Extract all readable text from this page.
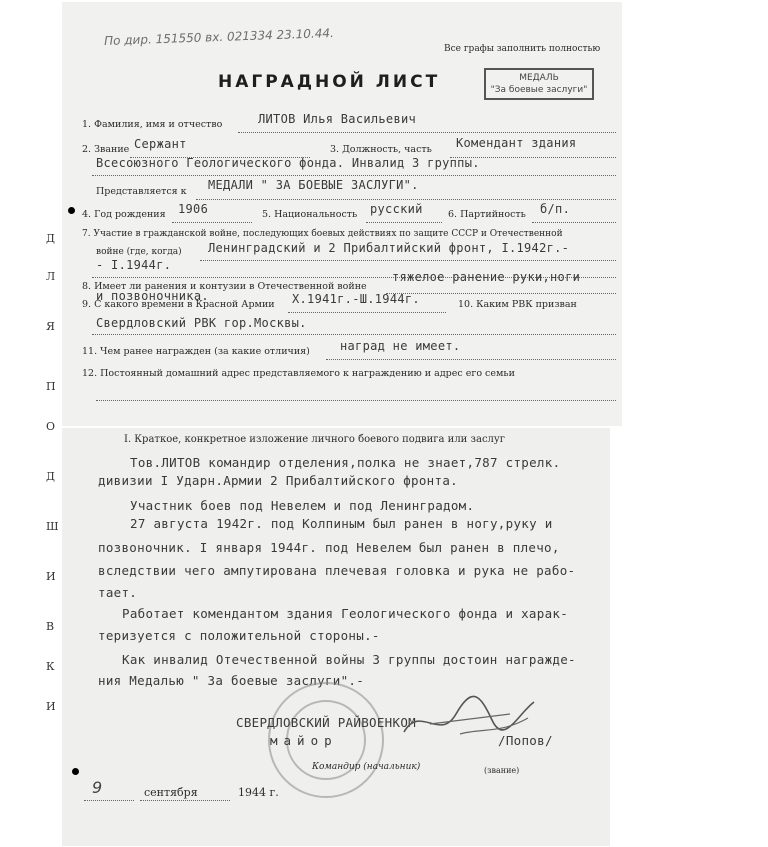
Д
Л
Я
П
О
Д
Ш
И
В
К
И
По дир. 151550 вх. 021334 23.10.44.
Все графы заполнить полностью
НАГРАДНОЙ ЛИСТ	МЕДАЛЬ
"За боевые заслуги"
1. Фамилия, имя и отчество	ЛИТОВ Илья Васильевич
2. Звание Сержант	3. Должность, часть Комендант здания
Всесоюзного Геологического фонда. Инвалид 3 группы.
Представляется к МЕДАЛИ " ЗА БОЕВЫЕ ЗАСЛУГИ".
4. Год рождения 1906	5. Национальность русский	6. Партийность б/п.
7. Участие в гражданской войне, последующих боевых действиях по защите СССР и Отечественной
войне (где, когда) Ленинградский и 2 Прибалтийский фронт, I.1942г.-
- I.1944г.
8. Имеет ли ранения и контузии в Отечественной войне
тяжелое ранение руки,ноги
и позвоночника.
9. С какого времени в Красной Армии X.1941г.-Ш.1944г.	10. Каким РВК призван
Свердловский РВК гор.Москвы.
11. Чем ранее награжден (за какие отличия)	наград не имеет.
12. Постоянный домашний адрес представляемого к награждению и адрес его семьи
I. Краткое, конкретное изложение личного боевого подвига или заслуг
Тов.ЛИТОВ командир отделения,полка не знает,787 стрелк.
дивизии I Ударн.Армии 2 Прибалтийского фронта.
Участник боев под Невелем и под Ленинградом.
27 августа 1942г. под Колпиным был ранен в ногу,руку и
позвоночник. I января 1944г. под Невелем был ранен в плечо,
вследствии чего ампутирована плечевая головка и рука не рабо-
тает.
Работает комендантом здания Геологического фонда и харак-
теризуется с положительной стороны.-
Как инвалид Отечественной войны 3 группы достоин награжде-
ния Медалью " За боевые заслуги".-
СВЕРДЛОВСКИЙ РАЙВОЕНКОМ
майор	/Попов/
Командир (начальник)	(звание)
9	сентября	1944 г.
